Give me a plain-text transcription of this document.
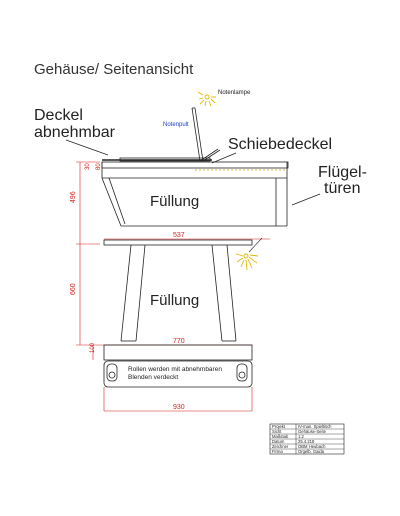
Gehäuse/ Seitenansicht
Deckel
abnehmbar
Schiebedeckel
Flügel-
türen
Notenlampe
Notenpult
Füllung
30 80
496
537
Füllung
660
770
Rollen werden mit abnehmbaren
Blenden verdeckt
100
930
Projekt	IV-man. Spieltisch
Sicht	Gehäuse-Seite
Maßstab 1:2
Datum	25.4.218
Zeichner OBM Heubach
Firma	Orgelb. Gaida
